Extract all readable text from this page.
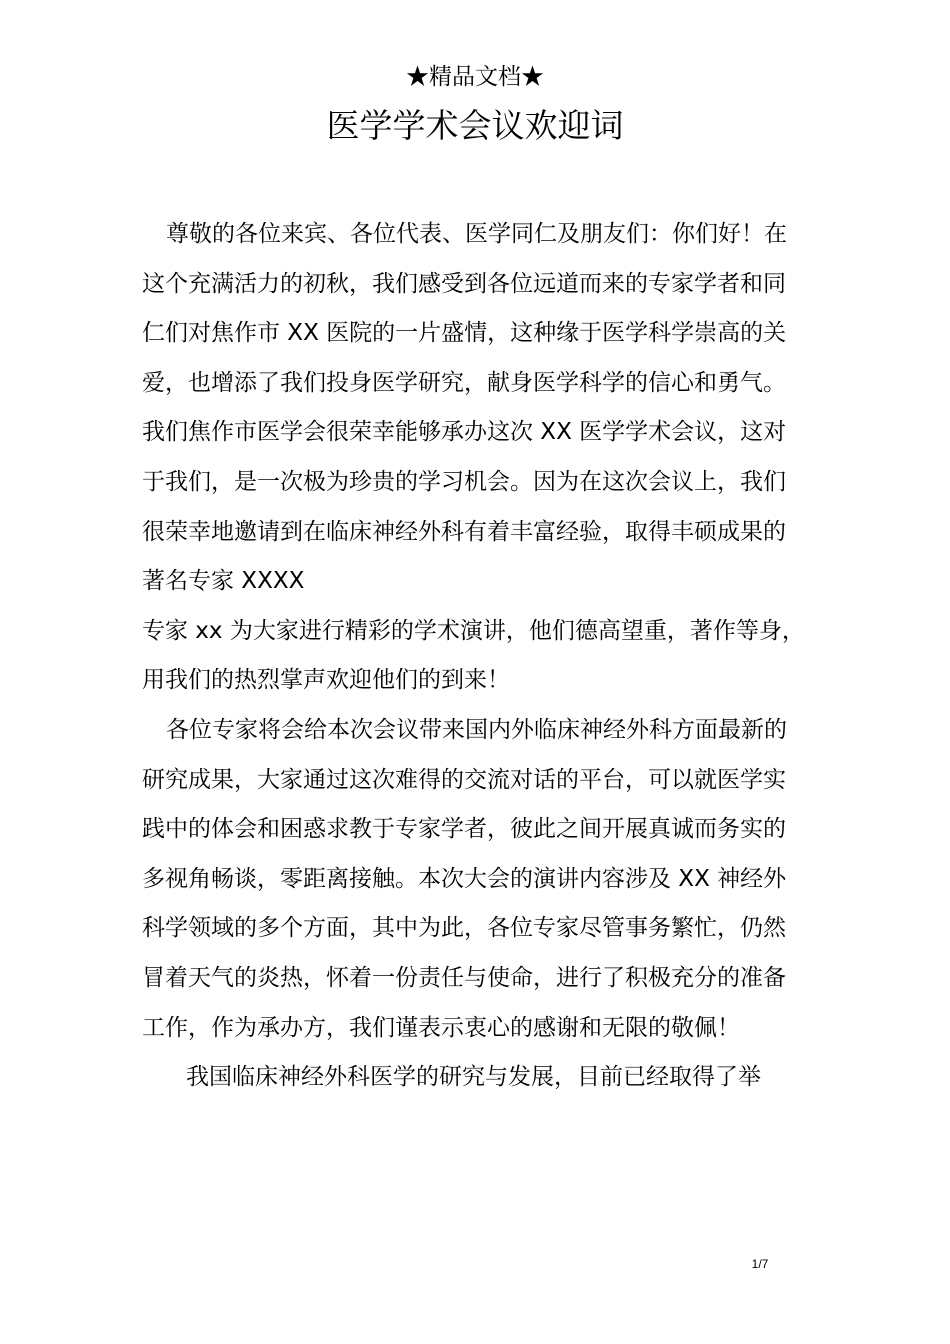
★精品文档★
医学学术会议欢迎词
尊敬的各位来宾、各位代表、医学同仁及朋友们：你们好！在
这个充满活力的初秋，我们感受到各位远道而来的专家学者和同
仁们对焦作市 XX 医院的一片盛情，这种缘于医学科学崇高的关
爱，也增添了我们投身医学研究，献身医学科学的信心和勇气。
我们焦作市医学会很荣幸能够承办这次 XX 医学学术会议，这对
于我们，是一次极为珍贵的学习机会。因为在这次会议上，我们
很荣幸地邀请到在临床神经外科有着丰富经验，取得丰硕成果的
著名专家 XXXX
专家 xx 为大家进行精彩的学术演讲，他们德高望重，著作等身，
用我们的热烈掌声欢迎他们的到来！
各位专家将会给本次会议带来国内外临床神经外科方面最新的
研究成果，大家通过这次难得的交流对话的平台，可以就医学实
践中的体会和困惑求教于专家学者，彼此之间开展真诚而务实的
多视角畅谈，零距离接触。本次大会的演讲内容涉及 XX 神经外
科学领域的多个方面，其中为此，各位专家尽管事务繁忙，仍然
冒着天气的炎热，怀着一份责任与使命，进行了积极充分的准备
工作，作为承办方，我们谨表示衷心的感谢和无限的敬佩！
我国临床神经外科医学的研究与发展，目前已经取得了举
1/7
